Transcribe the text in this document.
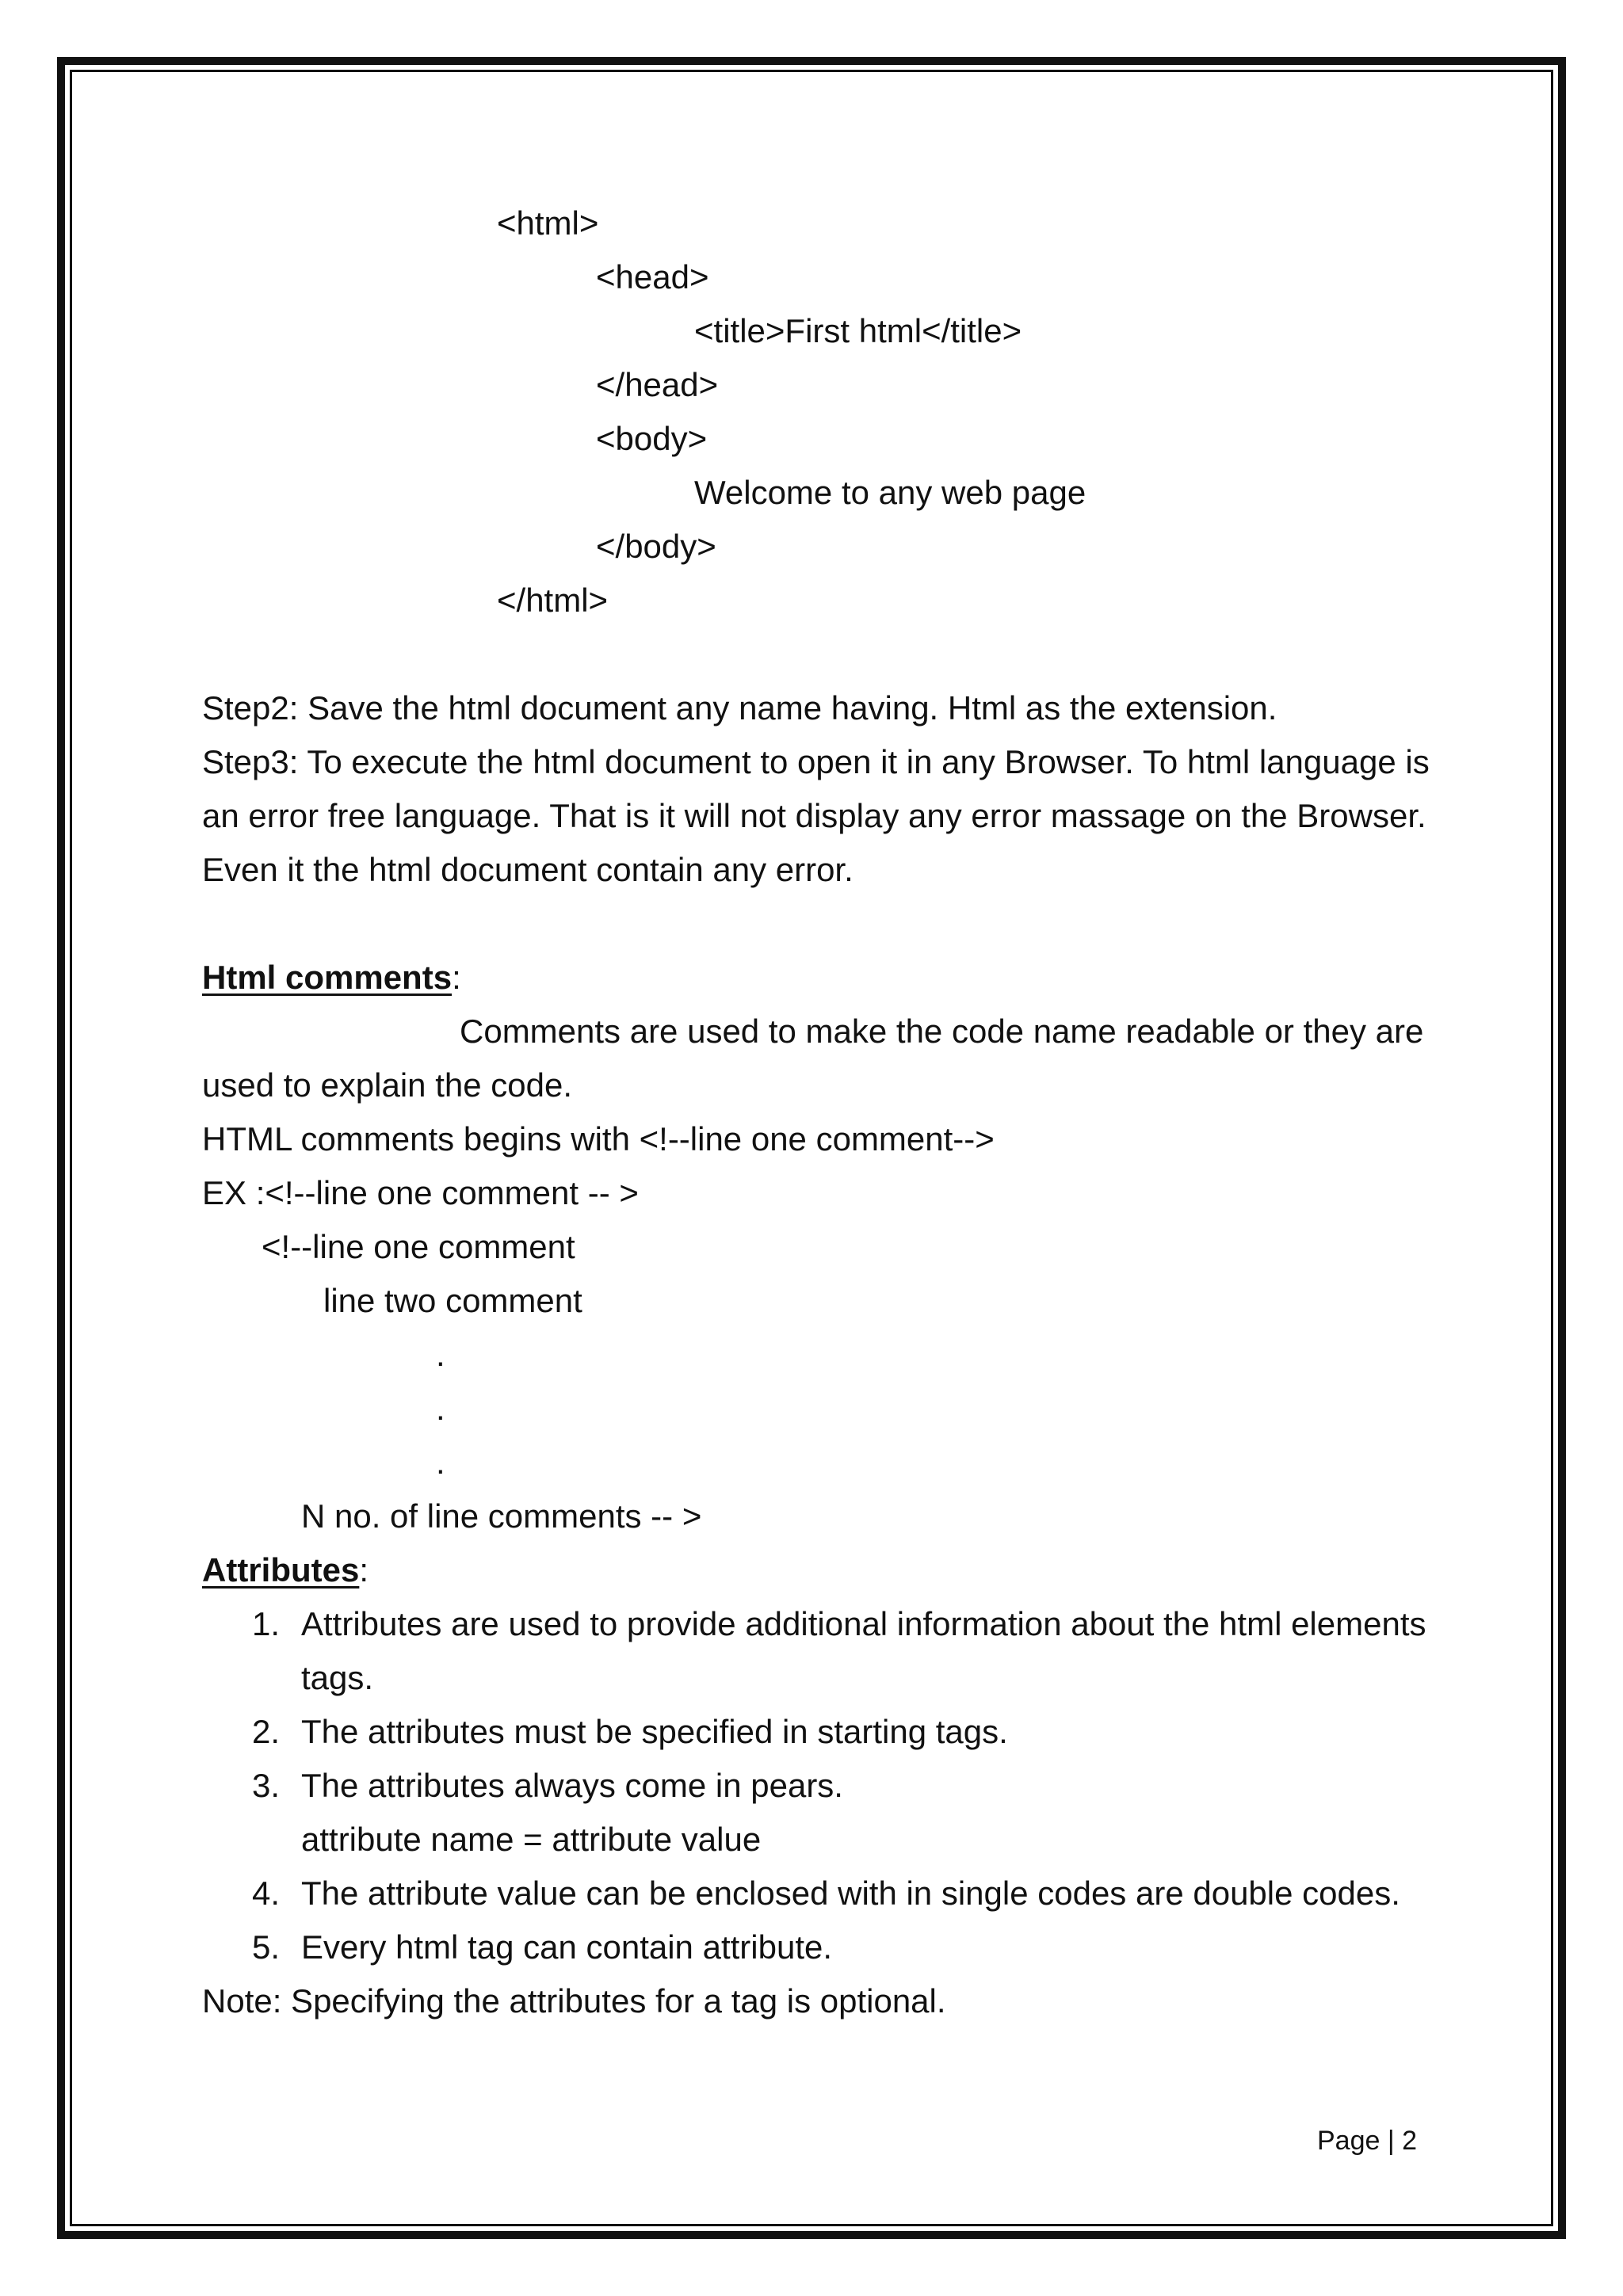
<html>

<head>

<title>First html</title>

</head>

<body>

Welcome to any web page

</body>

</html>

Step2: Save the html document any name having. Html as the extension.

Step3: To execute the html document to open it in any Browser. To html language is

an error free language. That is it will not display any error massage on the Browser.

Even it the html document contain any error.

Html comments:

Comments are used to make the code name readable or they are

used to explain the code.

HTML comments begins with <!--line one comment-->

EX :<!--line one comment -- >

<!--line one comment

line two comment

.

.

.

N no. of line comments -- >

Attributes:

1. Attributes are used to provide additional information about the html elements

tags.

2. The attributes must be specified in starting tags.

3. The attributes always come in pears.

attribute name = attribute value

4. The attribute value can be enclosed with in single codes are double codes.

5. Every html tag can contain attribute.

Note: Specifying the attributes for a tag is optional.

Page | 2
